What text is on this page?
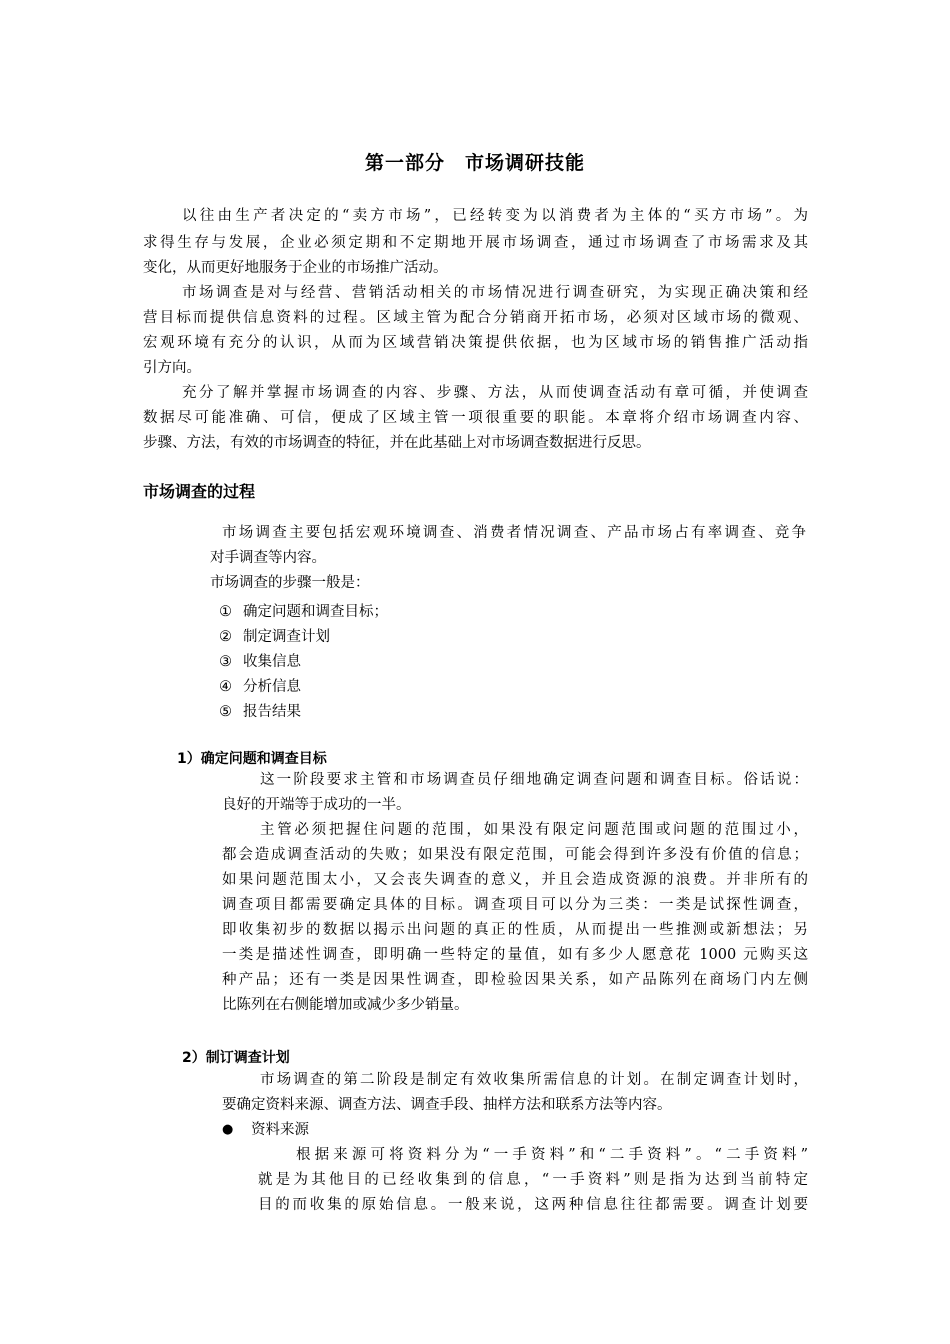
第一部分　市场调研技能

以往由生产者决定的“卖方市场”，已经转变为以消费者为主体的“买方市场”。为

求得生存与发展，企业必须定期和不定期地开展市场调查，通过市场调查了市场需求及其

变化，从而更好地服务于企业的市场推广活动。

市场调查是对与经营、营销活动相关的市场情况进行调查研究，为实现正确决策和经

营目标而提供信息资料的过程。区域主管为配合分销商开拓市场，必须对区域市场的微观、

宏观环境有充分的认识，从而为区域营销决策提供依据，也为区域市场的销售推广活动指

引方向。

充分了解并掌握市场调查的内容、步骤、方法，从而使调查活动有章可循，并使调查

数据尽可能准确、可信，便成了区域主管一项很重要的职能。本章将介绍市场调查内容、

步骤、方法，有效的市场调查的特征，并在此基础上对市场调查数据进行反思。

市场调查的过程

市场调查主要包括宏观环境调查、消费者情况调查、产品市场占有率调查、竞争

对手调查等内容。

市场调查的步骤一般是：

① 确定问题和调查目标；

② 制定调查计划

③ 收集信息

④ 分析信息

⑤ 报告结果

1）确定问题和调查目标

这一阶段要求主管和市场调查员仔细地确定调查问题和调查目标。俗话说：

良好的开端等于成功的一半。

主管必须把握住问题的范围，如果没有限定问题范围或问题的范围过小，

都会造成调查活动的失败；如果没有限定范围，可能会得到许多没有价值的信息；

如果问题范围太小，又会丧失调查的意义，并且会造成资源的浪费。并非所有的

调查项目都需要确定具体的目标。调查项目可以分为三类：一类是试探性调查，

即收集初步的数据以揭示出问题的真正的性质，从而提出一些推测或新想法；另

一类是描述性调查，即明确一些特定的量值，如有多少人愿意花 1000 元购买这

种产品；还有一类是因果性调查，即检验因果关系，如产品陈列在商场门内左侧

比陈列在右侧能增加或减少多少销量。

2）制订调查计划

市场调查的第二阶段是制定有效收集所需信息的计划。在制定调查计划时，

要确定资料来源、调查方法、调查手段、抽样方法和联系方法等内容。

● 资料来源

根据来源可将资料分为“一手资料”和“二手资料”。“二手资料”

就是为其他目的已经收集到的信息，“一手资料”则是指为达到当前特定

目的而收集的原始信息。一般来说，这两种信息往往都需要。调查计划要
